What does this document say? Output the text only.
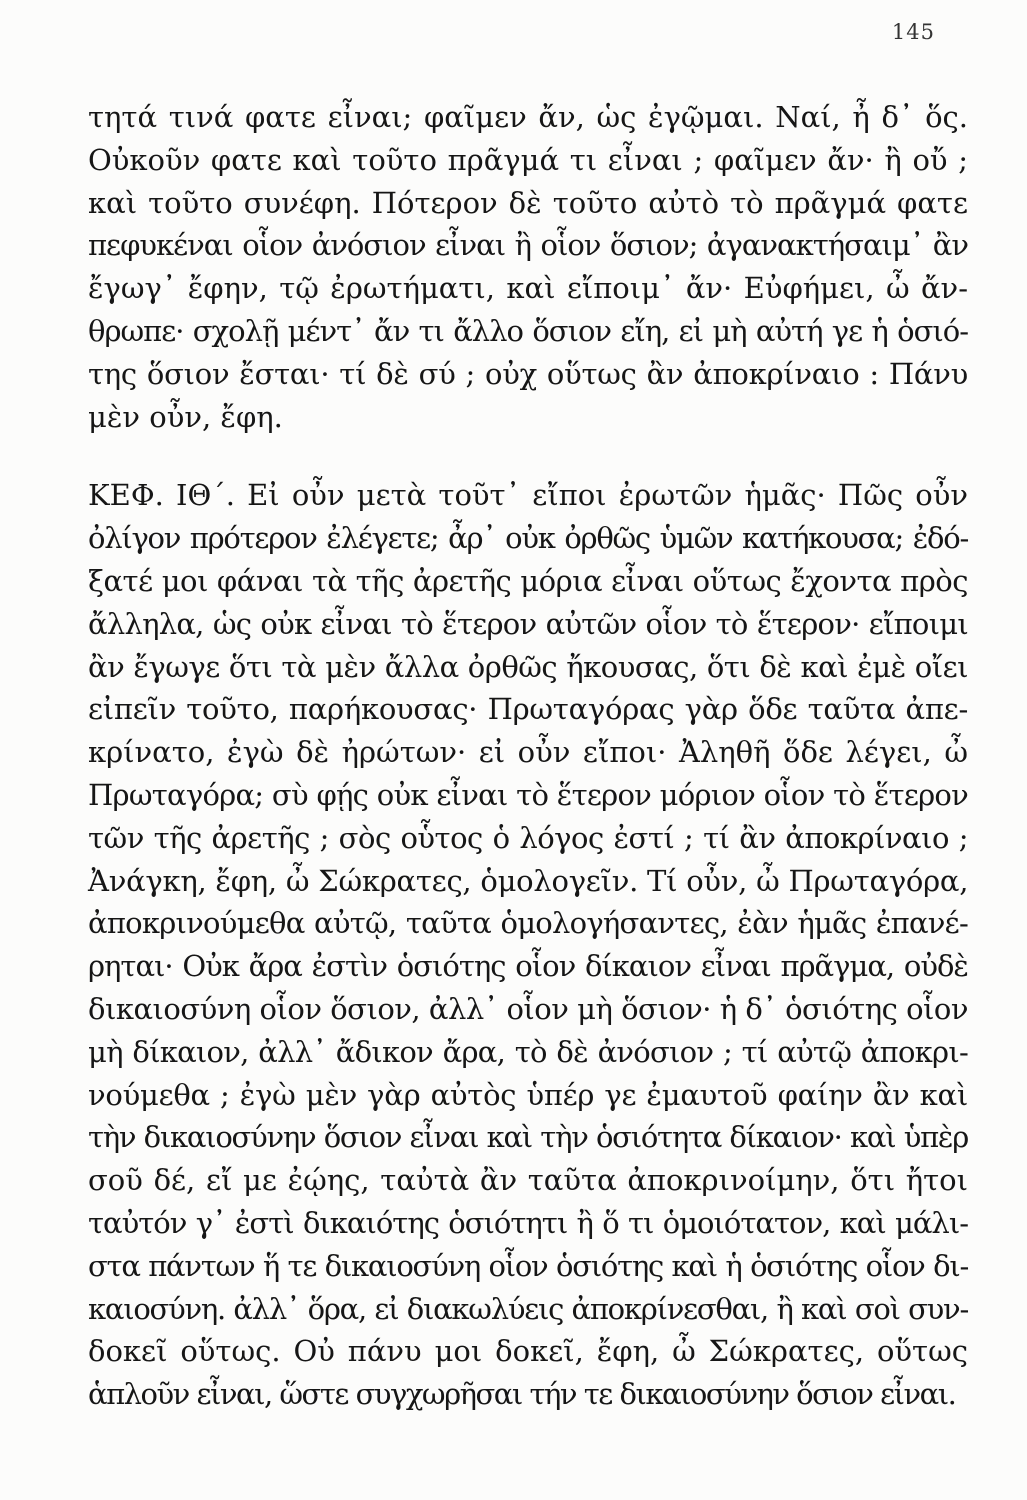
145
τητά τινά φατε εἶναι; φαῖμεν ἄν, ὡς ἐγῷμαι. Ναί, ἦ δ᾽ ὅς.
Οὐκοῦν φατε καὶ τοῦτο πρᾶγμά τι εἶναι ; φαῖμεν ἄν· ἢ οὔ ;
καὶ τοῦτο συνέφη. Πότερον δὲ τοῦτο αὐτὸ τὸ πρᾶγμά φατε
πεφυκέναι οἷον ἀνόσιον εἶναι ἢ οἷον ὅσιον; ἀγανακτήσαιμ᾽ ἂν
ἔγωγ᾽ ἔφην, τῷ ἐρωτήματι, καὶ εἴποιμ᾽ ἄν· Εὐφήμει, ὦ ἄν-
θρωπε· σχολῇ μέντ᾽ ἄν τι ἄλλο ὅσιον εἴη, εἰ μὴ αὐτή γε ἡ ὁσιό-
της ὅσιον ἔσται· τί δὲ σύ ; οὐχ οὕτως ἂν ἀποκρίναιο : Πάνυ
μὲν οὖν, ἔφη.
ΚΕΦ. ΙΘ΄. Εἰ οὖν μετὰ τοῦτ᾽ εἴποι ἐρωτῶν ἡμᾶς· Πῶς οὖν
ὀλίγον πρότερον ἐλέγετε; ἆρ᾽ οὐκ ὀρθῶς ὑμῶν κατήκουσα; ἐδό-
ξατέ μοι φάναι τὰ τῆς ἀρετῆς μόρια εἶναι οὕτως ἔχοντα πρὸς
ἄλληλα, ὡς οὐκ εἶναι τὸ ἕτερον αὐτῶν οἷον τὸ ἕτερον· εἴποιμι
ἂν ἔγωγε ὅτι τὰ μὲν ἄλλα ὀρθῶς ἤκουσας, ὅτι δὲ καὶ ἐμὲ οἴει
εἰπεῖν τοῦτο, παρήκουσας· Πρωταγόρας γὰρ ὅδε ταῦτα ἀπε-
κρίνατο, ἐγὼ δὲ ἠρώτων· εἰ οὖν εἴποι· Ἀληθῆ ὅδε λέγει, ὦ
Πρωταγόρα; σὺ φῄς οὐκ εἶναι τὸ ἕτερον μόριον οἷον τὸ ἕτερον
τῶν τῆς ἀρετῆς ; σὸς οὗτος ὁ λόγος ἐστί ; τί ἂν ἀποκρίναιο ;
Ἀνάγκη, ἔφη, ὦ Σώκρατες, ὁμολογεῖν. Τί οὖν, ὦ Πρωταγόρα,
ἀποκρινούμεθα αὐτῷ, ταῦτα ὁμολογήσαντες, ἐὰν ἡμᾶς ἐπανέ-
ρηται· Οὐκ ἄρα ἐστὶν ὁσιότης οἷον δίκαιον εἶναι πρᾶγμα, οὐδὲ
δικαιοσύνη οἷον ὅσιον, ἀλλ᾽ οἷον μὴ ὅσιον· ἡ δ᾽ ὁσιότης οἷον
μὴ δίκαιον, ἀλλ᾽ ἄδικον ἄρα, τὸ δὲ ἀνόσιον ; τί αὐτῷ ἀποκρι-
νούμεθα ; ἐγὼ μὲν γὰρ αὐτὸς ὑπέρ γε ἐμαυτοῦ φαίην ἂν καὶ
τὴν δικαιοσύνην ὅσιον εἶναι καὶ τὴν ὁσιότητα δίκαιον· καὶ ὑπὲρ
σοῦ δέ, εἴ με ἐῴης, ταὐτὰ ἂν ταῦτα ἀποκρινοίμην, ὅτι ἤτοι
ταὐτόν γ᾽ ἐστὶ δικαιότης ὁσιότητι ἢ ὅ τι ὁμοιότατον, καὶ μάλι-
στα πάντων ἥ τε δικαιοσύνη οἷον ὁσιότης καὶ ἡ ὁσιότης οἷον δι-
καιοσύνη. ἀλλ᾽ ὅρα, εἰ διακωλύεις ἀποκρίνεσθαι, ἢ καὶ σοὶ συν-
δοκεῖ οὕτως. Οὐ πάνυ μοι δοκεῖ, ἔφη, ὦ Σώκρατες, οὕτως
ἁπλοῦν εἶναι, ὥστε συγχωρῆσαι τήν τε δικαιοσύνην ὅσιον εἶναι.
